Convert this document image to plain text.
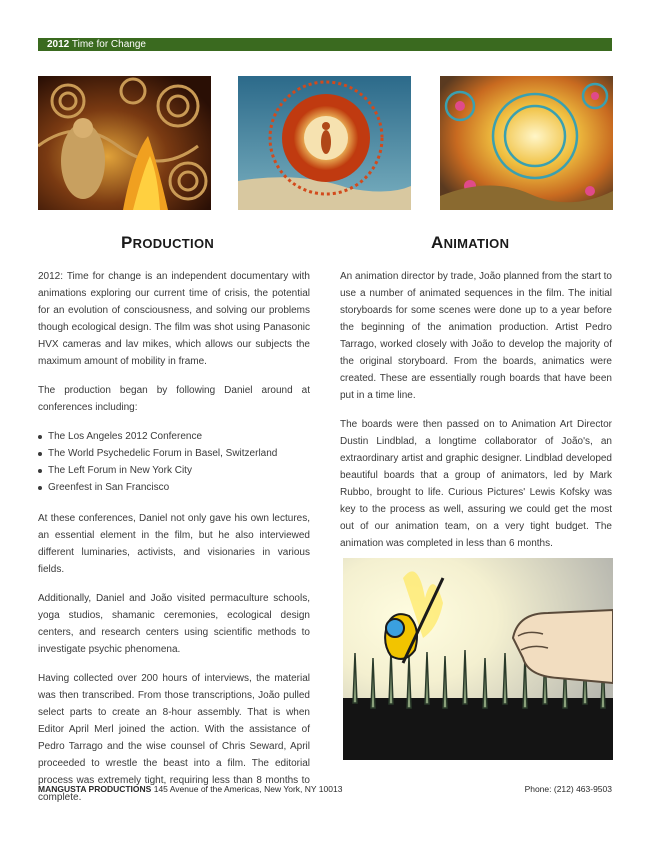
2012 Time for Change
PRODUCTION	ANIMATION

2012: Time for change is an independent documentary with animations exploring our current time of crisis, the potential for an evolution of consciousness, and solving our problems though ecological design. The film was shot using Panasonic HVX cameras and lav mikes, which allows our subjects the maximum amount of mobility in frame.

The production began by following Daniel around at conferences including:

The Los Angeles 2012 Conference
The World Psychedelic Forum in Basel, Switzerland
The Left Forum in New York City
Greenfest in San Francisco

At these conferences, Daniel not only gave his own lectures, an essential element in the film, but he also interviewed different luminaries, activists, and visionaries in various fields.

Additionally, Daniel and João visited permaculture schools, yoga studios, shamanic ceremonies, ecological design centers, and research centers using scientific methods to investigate psychic phenomena.

Having collected over 200 hours of interviews, the material was then transcribed. From those transcriptions, João pulled select parts to create an 8-hour assembly. That is when Editor April Merl joined the action. With the assistance of Pedro Tarrago and the wise counsel of Chris Seward, April proceeded to wrestle the beast into a film. The editorial process was extremely tight, requiring less than 8 months to complete.

An animation director by trade, João planned from the start to use a number of animated sequences in the film. The initial storyboards for some scenes were done up to a year before the beginning of the animation production. Artist Pedro Tarrago, worked closely with João to develop the majority of the original storyboard. From the boards, animatics were created. These are essentially rough boards that have been put in a time line.

The boards were then passed on to Animation Art Director Dustin Lindblad, a longtime collaborator of João's, an extraordinary artist and graphic designer. Lindblad developed beautiful boards that a group of animators, led by Mark Rubbo, brought to life. Curious Pictures' Lewis Kofsky was key to the process as well, assuring we could get the most out of our animation team, on a very tight budget. The animation was completed in less than 6 months.

MANGUSTA PRODUCTIONS 145 Avenue of the Americas, New York, NY 10013	Phone: (212) 463-9503
